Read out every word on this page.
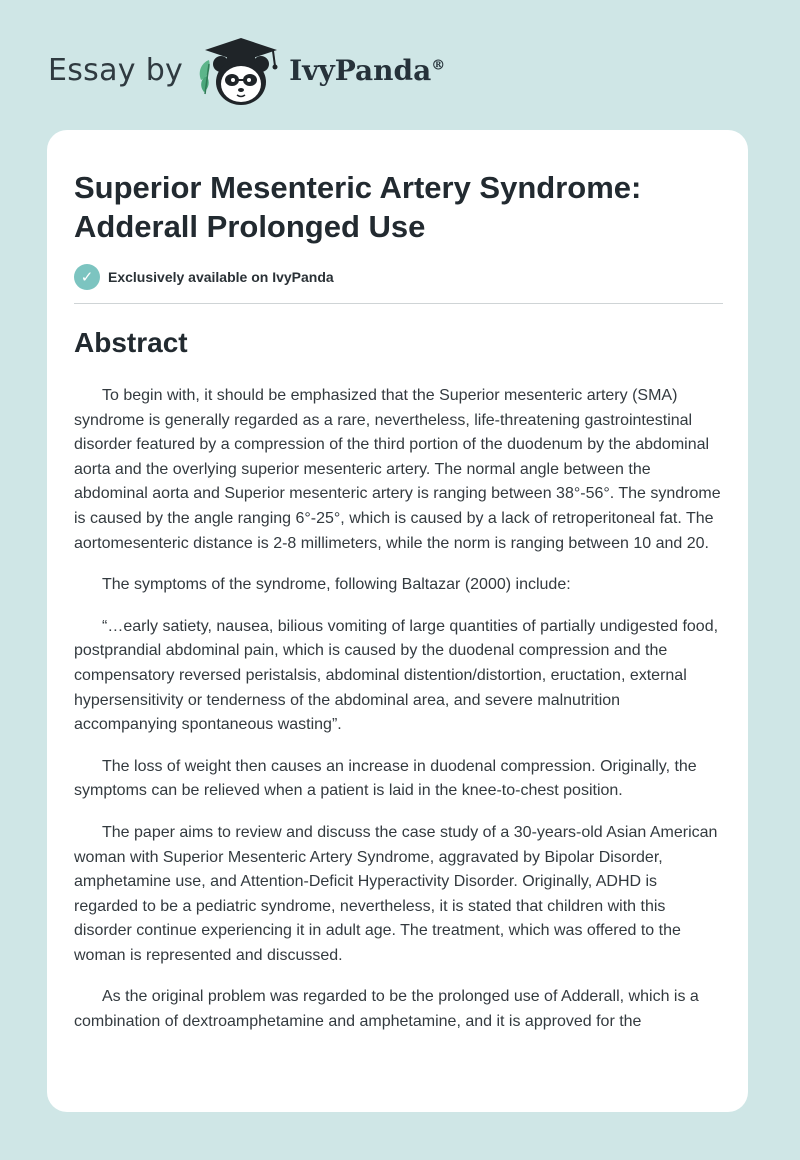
Essay by	IvyPanda®
Superior Mesenteric Artery Syndrome:
Adderall Prolonged Use
✓	Exclusively available on IvyPanda
Abstract

To begin with, it should be emphasized that the Superior mesenteric artery (SMA) syndrome is generally regarded as a rare, nevertheless, life-threatening gastrointestinal disorder featured by a compression of the third portion of the duodenum by the abdominal aorta and the overlying superior mesenteric artery. The normal angle between the abdominal aorta and Superior mesenteric artery is ranging between 38°-56°. The syndrome is caused by the angle ranging 6°-25°, which is caused by a lack of retroperitoneal fat. The aortomesenteric distance is 2-8 millimeters, while the norm is ranging between 10 and 20.

The symptoms of the syndrome, following Baltazar (2000) include:

“…early satiety, nausea, bilious vomiting of large quantities of partially undigested food, postprandial abdominal pain, which is caused by the duodenal compression and the compensatory reversed peristalsis, abdominal distention/distortion, eructation, external hypersensitivity or tenderness of the abdominal area, and severe malnutrition accompanying spontaneous wasting”.

The loss of weight then causes an increase in duodenal compression. Originally, the symptoms can be relieved when a patient is laid in the knee-to-chest position.

The paper aims to review and discuss the case study of a 30-years-old Asian American woman with Superior Mesenteric Artery Syndrome, aggravated by Bipolar Disorder, amphetamine use, and Attention-Deficit Hyperactivity Disorder. Originally, ADHD is regarded to be a pediatric syndrome, nevertheless, it is stated that children with this disorder continue experiencing it in adult age. The treatment, which was offered to the woman is represented and discussed.

As the original problem was regarded to be the prolonged use of Adderall, which is a combination of dextroamphetamine and amphetamine, and it is approved for the
